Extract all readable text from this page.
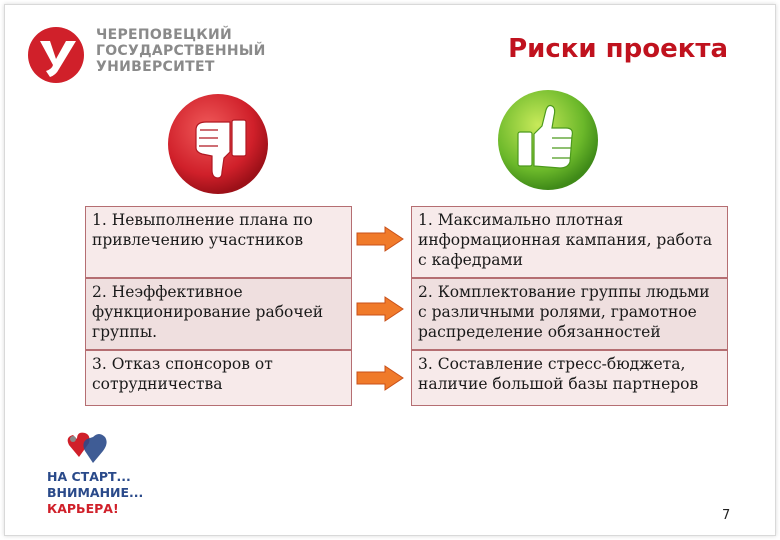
ЧЕРЕПОВЕЦКИЙ
ГОСУДАРСТВЕННЫЙ
УНИВЕРСИТЕТ
Риски проекта
1. Невыполнение плана по привлечению участников
1. Максимально плотная информационная кампания, работа с кафедрами
2. Неэффективное функционирование рабочей группы.
2. Комплектование группы людьми с различными ролями, грамотное распределение обязанностей
3. Отказ спонсоров от сотрудничества
3. Составление стресс-бюджета, наличие большой базы партнеров
НА СТАРТ...
ВНИМАНИЕ...
КАРЬЕРА!	7
